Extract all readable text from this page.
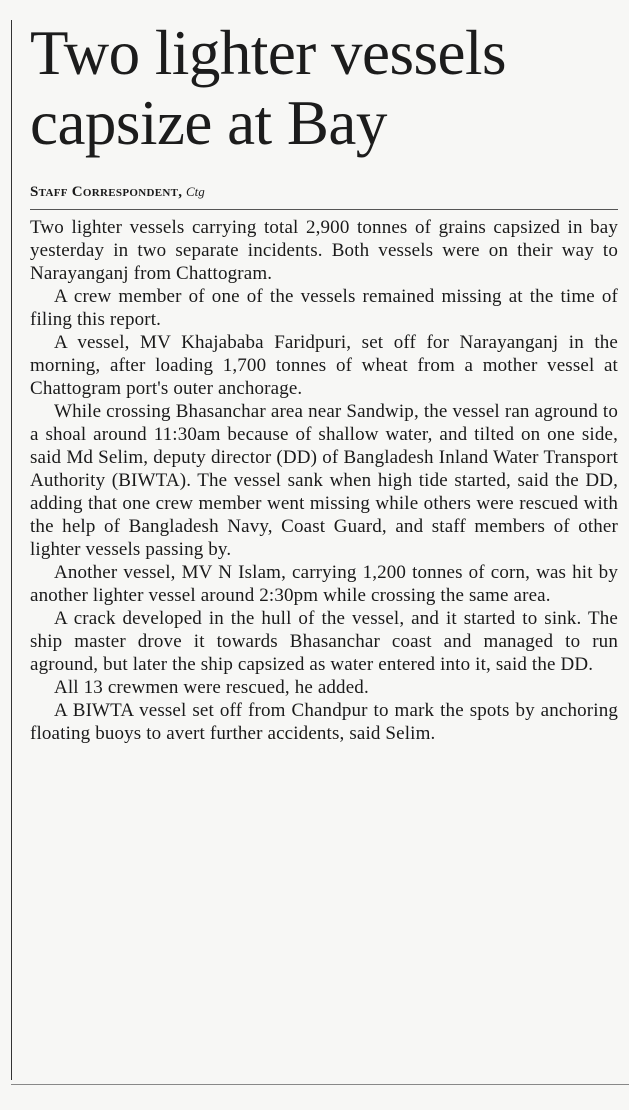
Two lighter vessels capsize at Bay
Staff Correspondent, Ctg

Two lighter vessels carrying total 2,900 tonnes of grains capsized in bay yesterday in two separate incidents. Both vessels were on their way to Narayanganj from Chattogram.

A crew member of one of the vessels remained missing at the time of filing this report.

A vessel, MV Khajababa Faridpuri, set off for Narayanganj in the morning, after loading 1,700 tonnes of wheat from a mother vessel at Chattogram port's outer anchorage.

While crossing Bhasanchar area near Sandwip, the vessel ran aground to a shoal around 11:30am because of shallow water, and tilted on one side, said Md Selim, deputy director (DD) of Bangladesh Inland Water Transport Authority (BIWTA). The vessel sank when high tide started, said the DD, adding that one crew member went missing while others were rescued with the help of Bangladesh Navy, Coast Guard, and staff members of other lighter vessels passing by.

Another vessel, MV N Islam, carrying 1,200 tonnes of corn, was hit by another lighter vessel around 2:30pm while crossing the same area.

A crack developed in the hull of the vessel, and it started to sink. The ship master drove it towards Bhasanchar coast and managed to run aground, but later the ship capsized as water entered into it, said the DD.

All 13 crewmen were rescued, he added.

A BIWTA vessel set off from Chandpur to mark the spots by anchoring floating buoys to avert further accidents, said Selim.
